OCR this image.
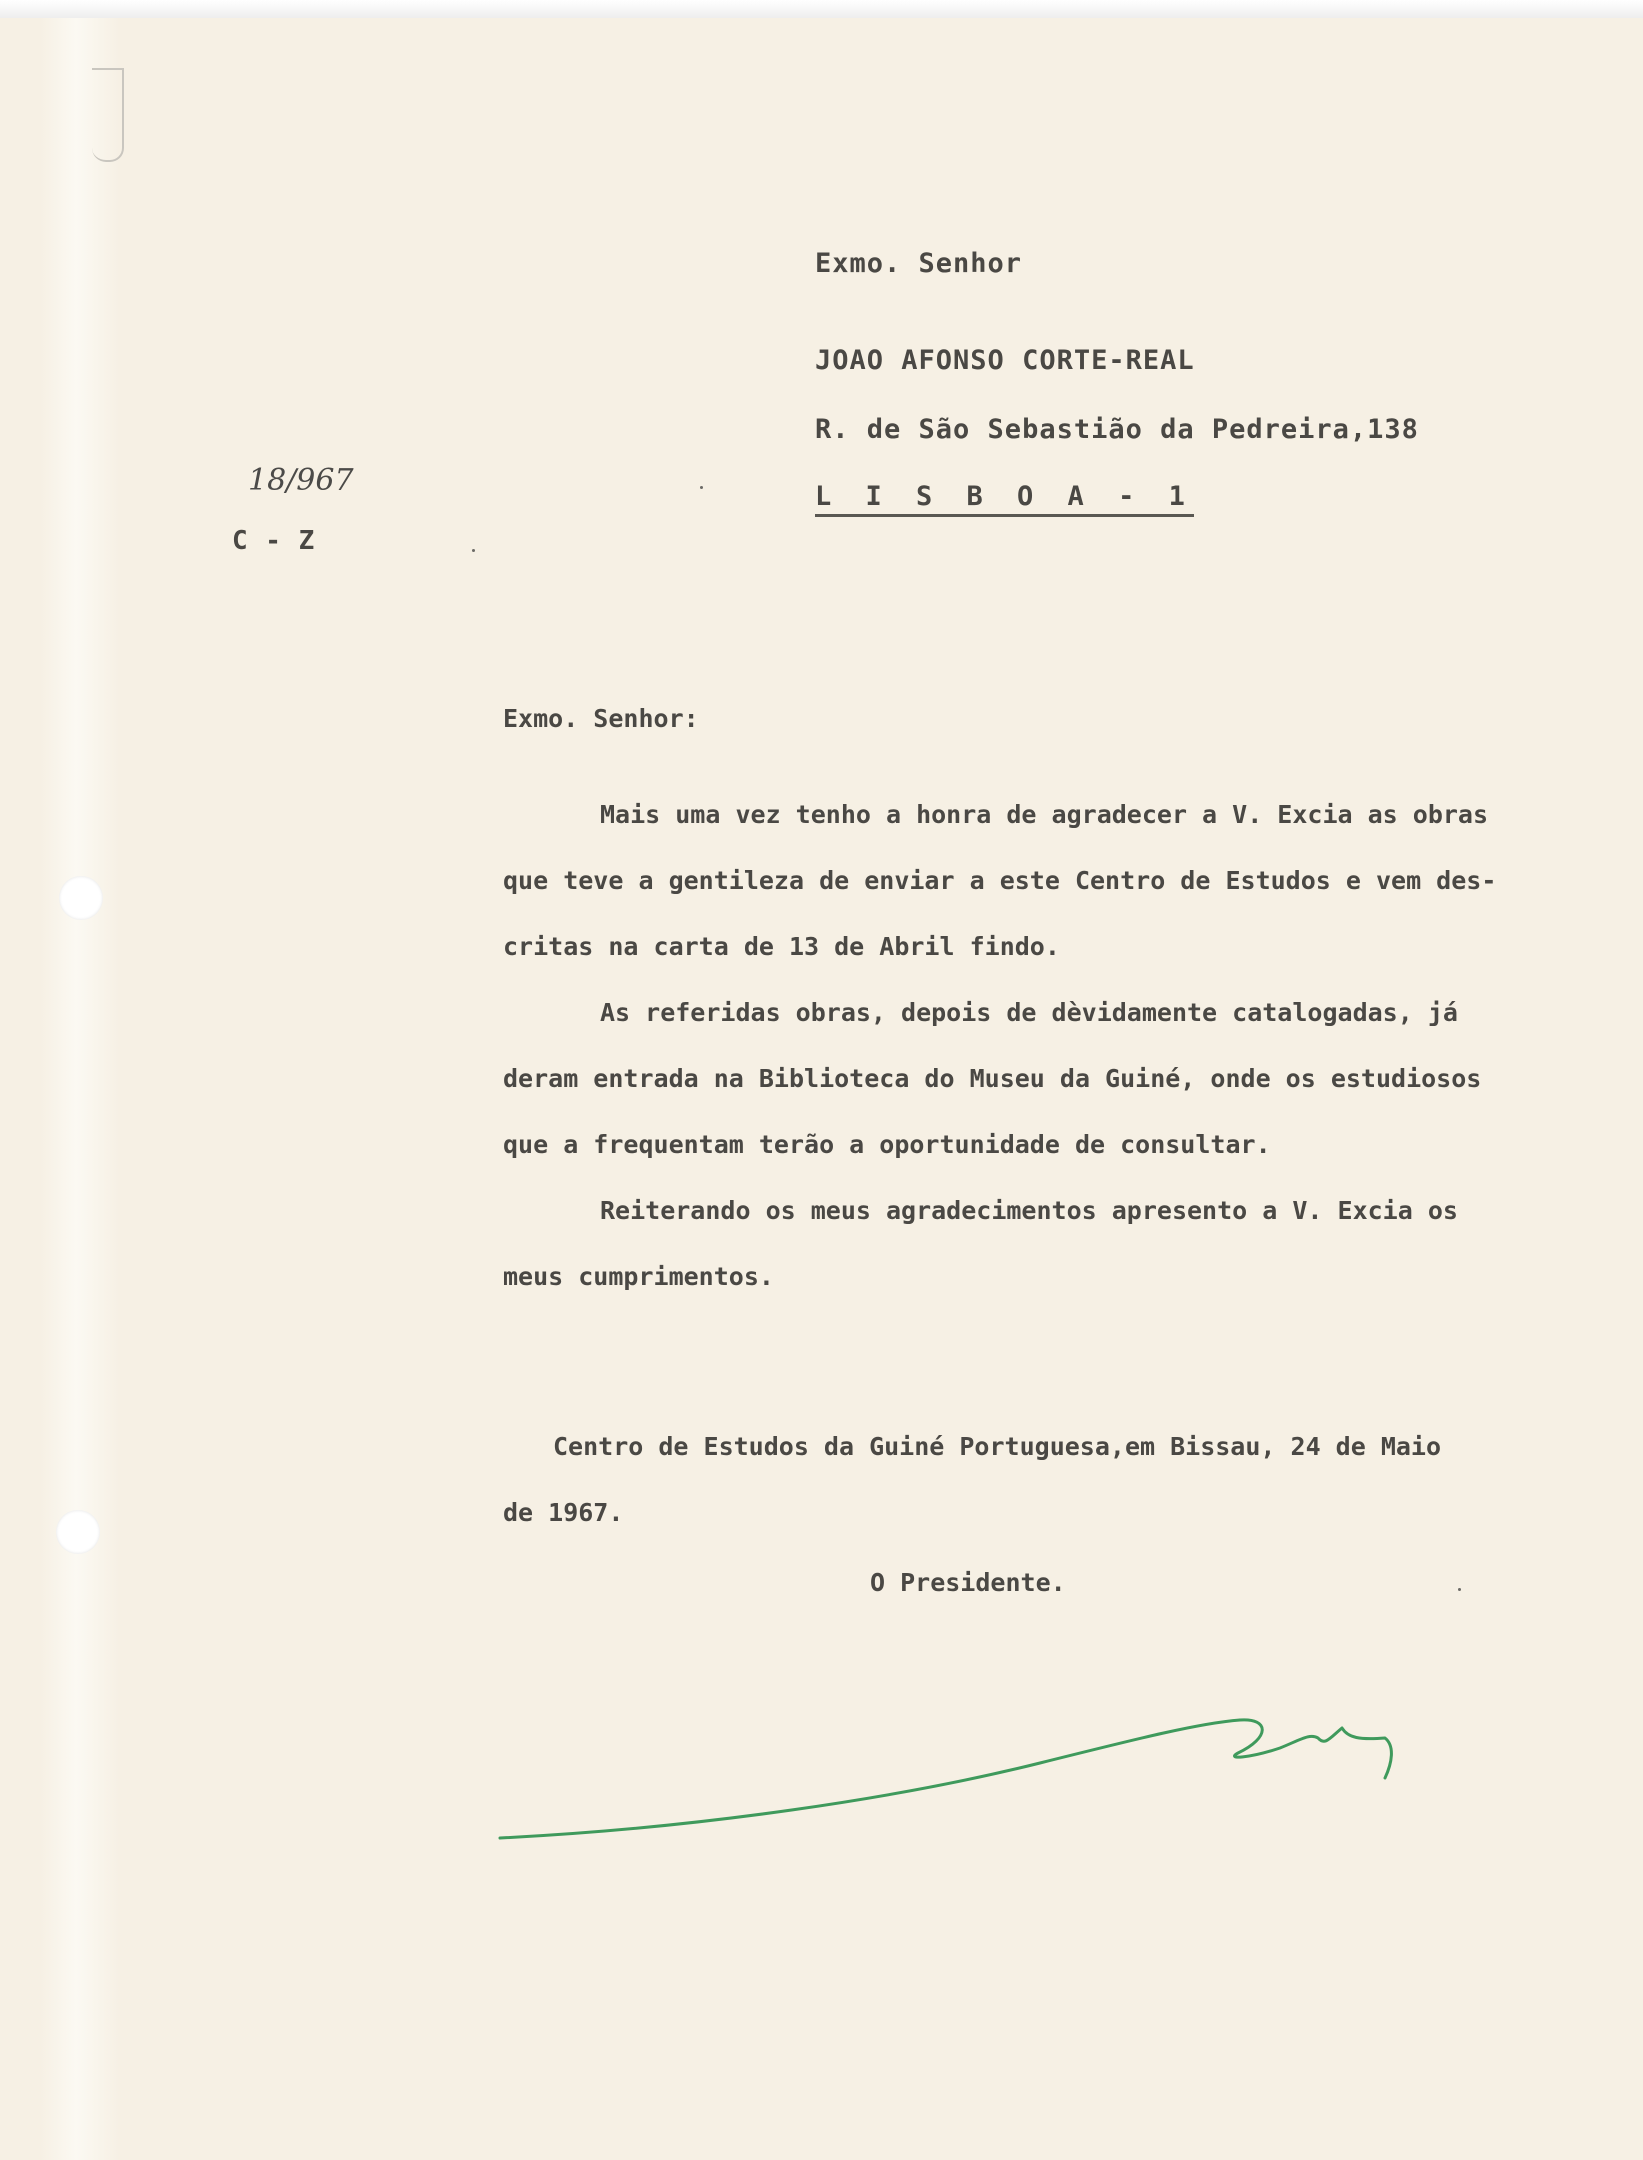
Exmo. Senhor

JOAO AFONSO CORTE-REAL

R. de São Sebastião da Pedreira,138

L I S B O A - 1

18/967

C - Z

Exmo. Senhor:

Mais uma vez tenho a honra de agradecer a V. Excia as obras

que teve a gentileza de enviar a este Centro de Estudos e vem des-

critas na carta de 13 de Abril findo.

As referidas obras, depois de dèvidamente catalogadas, já

deram entrada na Biblioteca do Museu da Guiné, onde os estudiosos

que a frequentam terão a oportunidade de consultar.

Reiterando os meus agradecimentos apresento a V. Excia os

meus cumprimentos.

Centro de Estudos da Guiné Portuguesa,em Bissau, 24 de Maio

de 1967.

O Presidente.
